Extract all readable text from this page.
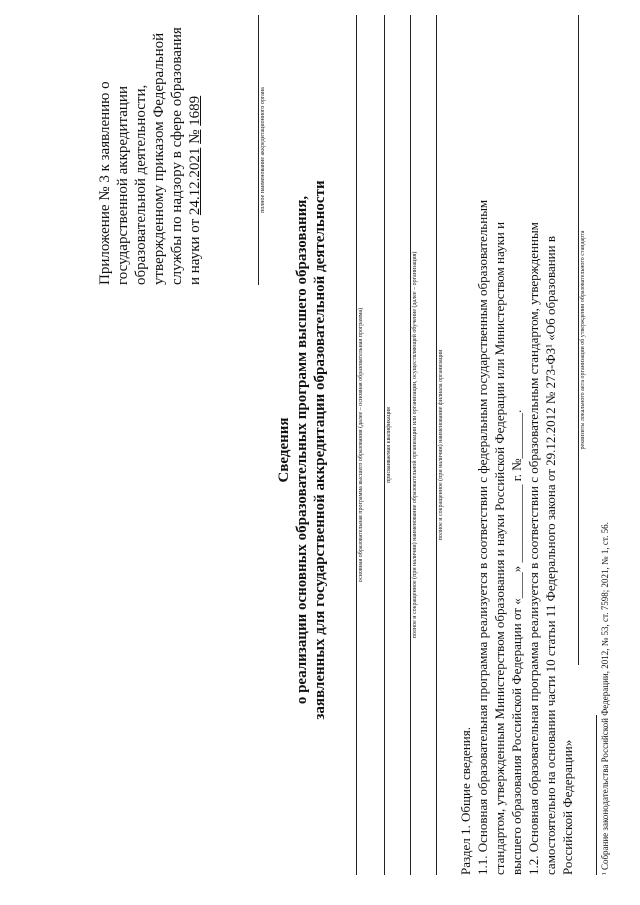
Приложение № 3 к заявлению о государственной аккредитации образовательной деятельности, утвержденному приказом Федеральной службы по надзору в сфере образования и науки от 24.12.2021 № 1689	полное наименование аккредитационного органа
Сведения о реализации основных образовательных программ высшего образования, заявленных для государственной аккредитации образовательной деятельности	основная образовательная программа высшего образования (далее – основная образовательная программа)	присваиваемая квалификация	полное и сокращенное (при наличии) наименование образовательной организации или организации, осуществляющей обучение (далее – организация)	полное и сокращенное (при наличии) наименование филиала организации
Раздел 1. Общие сведения. 1.1. Основная образовательная программа реализуется в соответствии с федеральным государственным образовательным стандартом, утвержденным Министерством образования и науки Российской Федерации или Министерством науки и высшего образования Российской Федерации от «____» ____________ г. №_______. 1.2. Основная образовательная программа реализуется в соответствии с образовательным стандартом, утвержденным самостоятельно на основании части 10 статьи 11 Федерального закона от 29.12.2012 № 273-ФЗ¹ «Об образовании в Российской Федерации»
реквизиты локального акта организации об утверждении образовательного стандарта
¹ Собрание законодательства Российской Федерации, 2012, № 53, ст. 7598; 2021, № 1, ст. 56.
